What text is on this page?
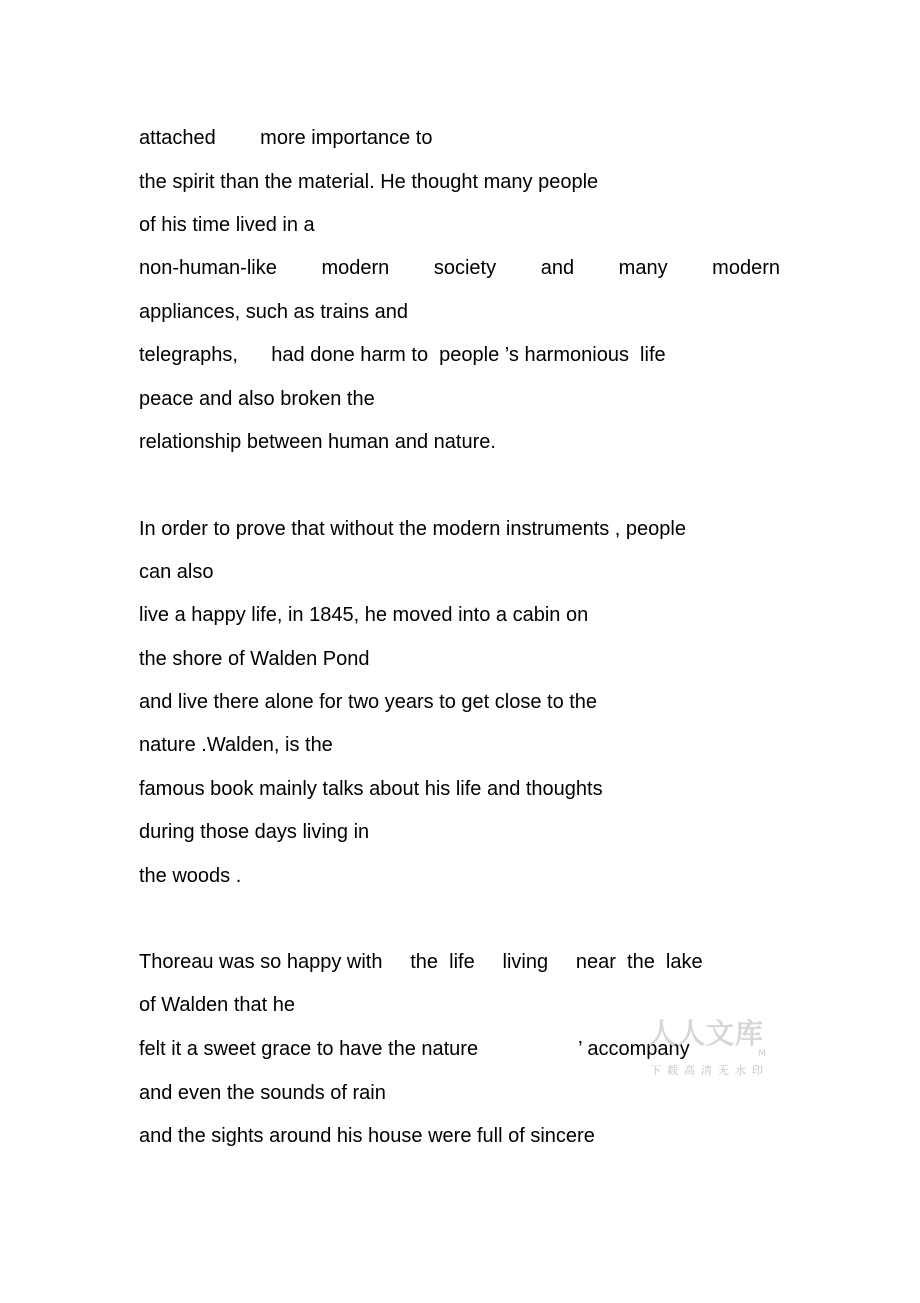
attached        more importance to
the spirit than the material. He thought many people
of his time lived in a
non-human-like modern society and many modern
appliances, such as trains and
telegraphs,      had done harm to  people ’s harmonious  life
peace and also broken the
relationship between human and nature.
In order to prove that without the modern instruments , people
can also
live a happy life, in 1845, he moved into a cabin on
the shore of Walden Pond
and live there alone for two years to get close to the
nature .Walden, is the
famous book mainly talks about his life and thoughts
during those days living in
the woods .
Thoreau was so happy with     the  life     living     near  the  lake
of Walden that he
felt it a sweet grace to have the nature                  ’ accompany
and even the sounds of rain
and the sights around his house were full of sincere
人人文库
M
下载高清无水印
